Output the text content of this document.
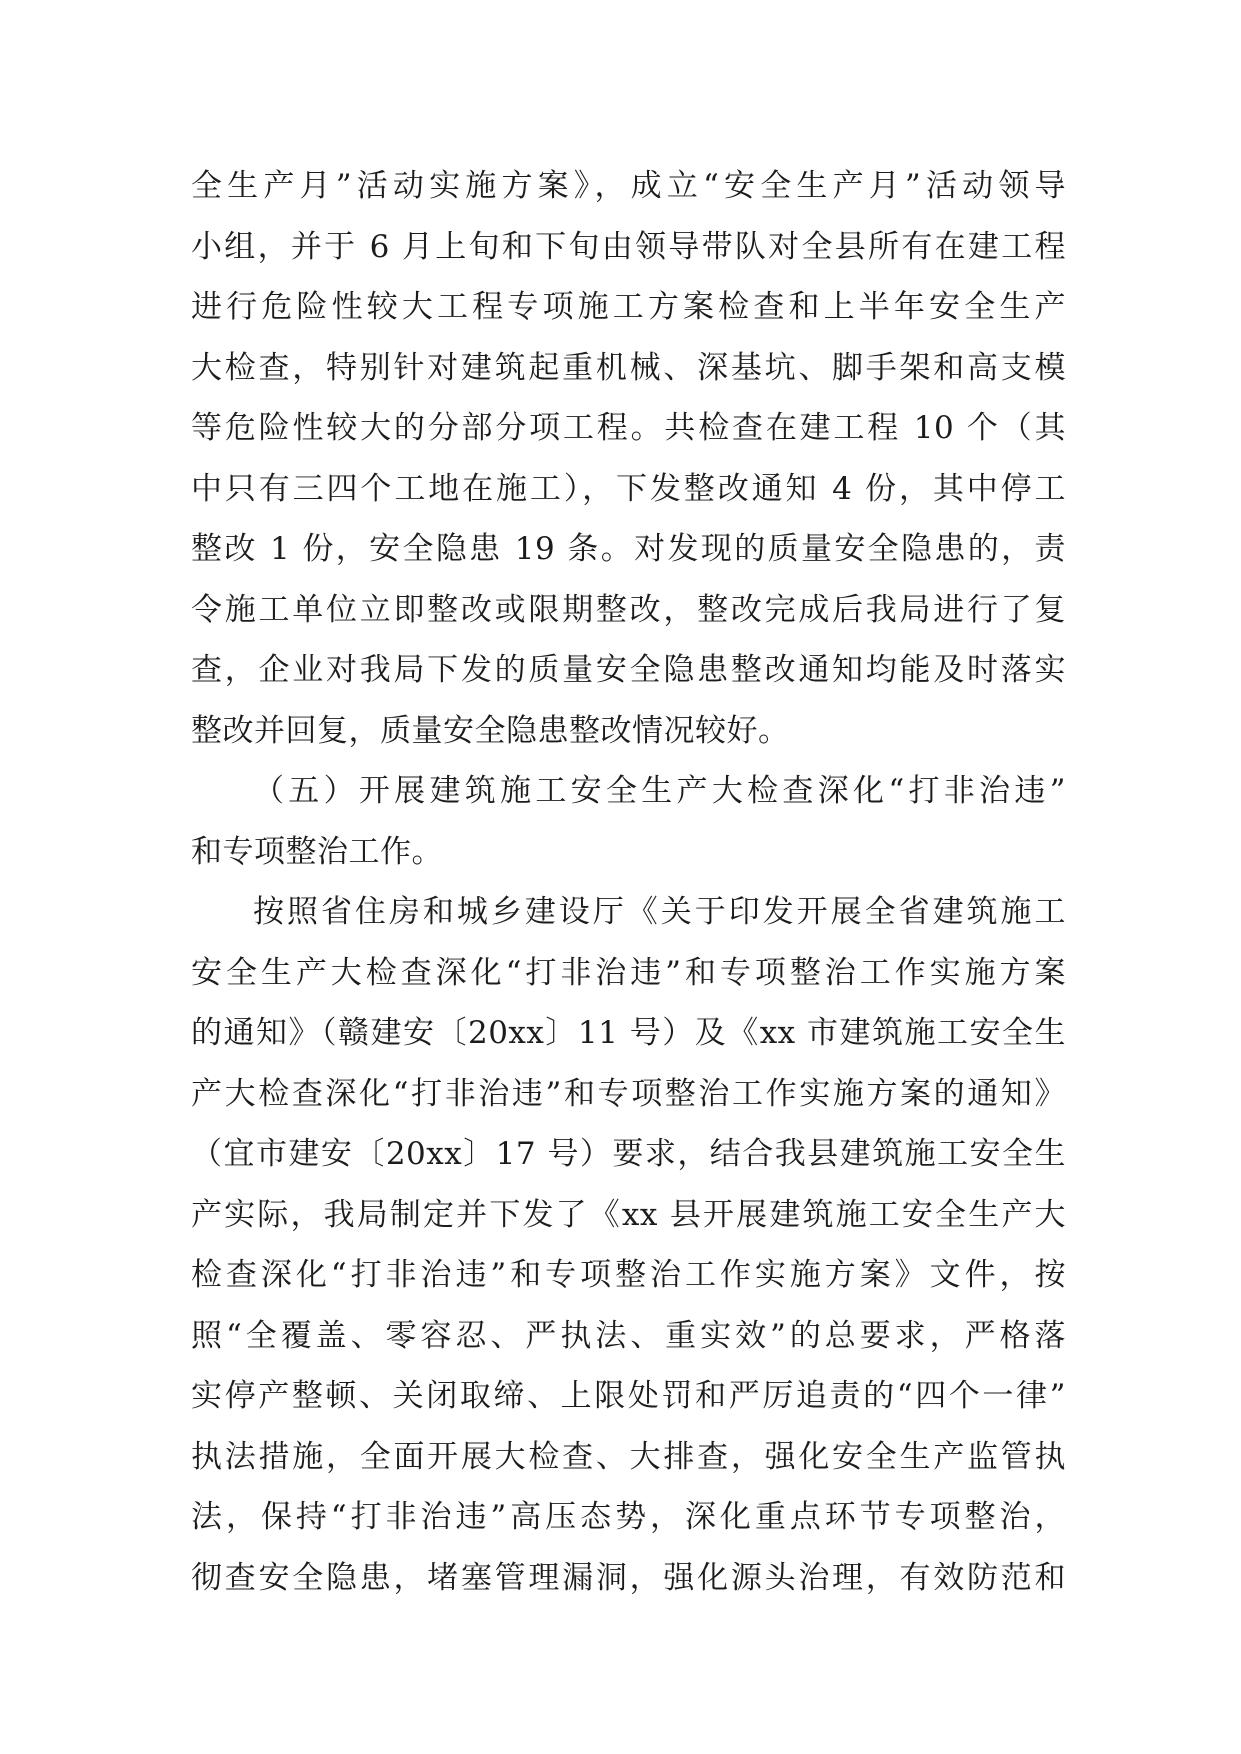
全生产月”活动实施方案》，成立“安全生产月”活动领导
小组，并于 6 月上旬和下旬由领导带队对全县所有在建工程
进行危险性较大工程专项施工方案检查和上半年安全生产
大检查，特别针对建筑起重机械、深基坑、脚手架和高支模
等危险性较大的分部分项工程。共检查在建工程 10 个（其
中只有三四个工地在施工），下发整改通知 4 份，其中停工
整改 1 份，安全隐患 19 条。对发现的质量安全隐患的，责
令施工单位立即整改或限期整改，整改完成后我局进行了复
查，企业对我局下发的质量安全隐患整改通知均能及时落实
整改并回复，质量安全隐患整改情况较好。
（五）开展建筑施工安全生产大检查深化“打非治违”
和专项整治工作。
按照省住房和城乡建设厅《关于印发开展全省建筑施工
安全生产大检查深化“打非治违”和专项整治工作实施方案
的通知》（赣建安〔20xx〕11 号）及《xx 市建筑施工安全生
产大检查深化“打非治违”和专项整治工作实施方案的通知》
（宜市建安〔20xx〕17 号）要求，结合我县建筑施工安全生
产实际，我局制定并下发了《xx 县开展建筑施工安全生产大
检查深化“打非治违”和专项整治工作实施方案》文件，按
照“全覆盖、零容忍、严执法、重实效”的总要求，严格落
实停产整顿、关闭取缔、上限处罚和严厉追责的“四个一律”
执法措施，全面开展大检查、大排查，强化安全生产监管执
法，保持“打非治违”高压态势，深化重点环节专项整治，
彻查安全隐患，堵塞管理漏洞，强化源头治理，有效防范和
